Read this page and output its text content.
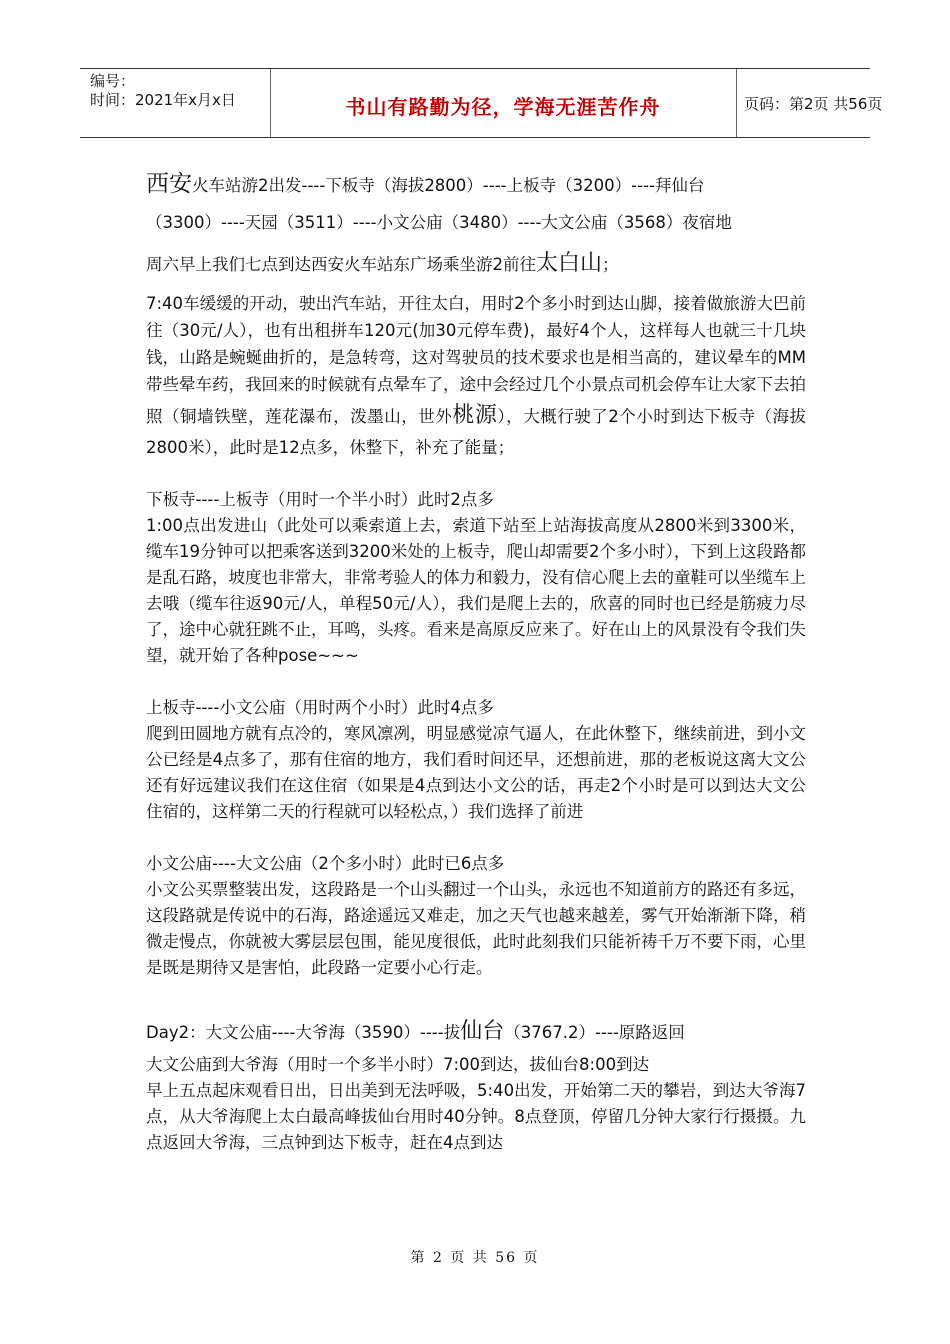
编号：
时间：2021年x月x日	书山有路勤为径，学海无涯苦作舟	页码：第2页 共56页

西安火车站游2出发----下板寺（海拔2800）----上板寺（3200）----拜仙台

（3300）----天园（3511）----小文公庙（3480）----大文公庙（3568）夜宿地

周六早上我们七点到达西安火车站东广场乘坐游2前往太白山；

7:40车缓缓的开动，驶出汽车站，开往太白，用时2个多小时到达山脚，接着做旅游大巴前往（30元/人），也有出租拼车120元(加30元停车费)，最好4个人，这样每人也就三十几块钱，山路是蜿蜒曲折的，是急转弯，这对驾驶员的技术要求也是相当高的，建议晕车的MM带些晕车药，我回来的时候就有点晕车了，途中会经过几个小景点司机会停车让大家下去拍照（铜墙铁壁，莲花瀑布，泼墨山，世外桃源），大概行驶了2个小时到达下板寺（海拔2800米），此时是12点多，休整下，补充了能量；

下板寺----上板寺（用时一个半小时）此时2点多

1:00点出发进山（此处可以乘索道上去，索道下站至上站海拔高度从2800米到3300米，缆车19分钟可以把乘客送到3200米处的上板寺，爬山却需要2个多小时），下到上这段路都是乱石路，坡度也非常大，非常考验人的体力和毅力，没有信心爬上去的童鞋可以坐缆车上去哦（缆车往返90元/人，单程50元/人），我们是爬上去的，欣喜的同时也已经是筋疲力尽了，途中心就狂跳不止，耳鸣，头疼。看来是高原反应来了。好在山上的风景没有令我们失望，就开始了各种pose~~~

上板寺----小文公庙（用时两个小时）此时4点多

爬到田圆地方就有点冷的，寒风凛冽，明显感觉凉气逼人，在此休整下，继续前进，到小文公已经是4点多了，那有住宿的地方，我们看时间还早，还想前进，那的老板说这离大文公还有好远建议我们在这住宿（如果是4点到达小文公的话，再走2个小时是可以到达大文公住宿的，这样第二天的行程就可以轻松点，）我们选择了前进

小文公庙----大文公庙（2个多小时）此时已6点多

小文公买票整装出发，这段路是一个山头翻过一个山头，永远也不知道前方的路还有多远，这段路就是传说中的石海，路途遥远又难走，加之天气也越来越差，雾气开始渐渐下降，稍微走慢点，你就被大雾层层包围，能见度很低，此时此刻我们只能祈祷千万不要下雨，心里是既是期待又是害怕，此段路一定要小心行走。

Day2：大文公庙----大爷海（3590）----拔仙台（3767.2）----原路返回

大文公庙到大爷海（用时一个多半小时）7:00到达，拔仙台8:00到达

早上五点起床观看日出，日出美到无法呼吸，5:40出发，开始第二天的攀岩，到达大爷海7点，从大爷海爬上太白最高峰拔仙台用时40分钟。8点登顶，停留几分钟大家行行摄摄。九点返回大爷海，三点钟到达下板寺，赶在4点到达

第 2 页 共 56 页
